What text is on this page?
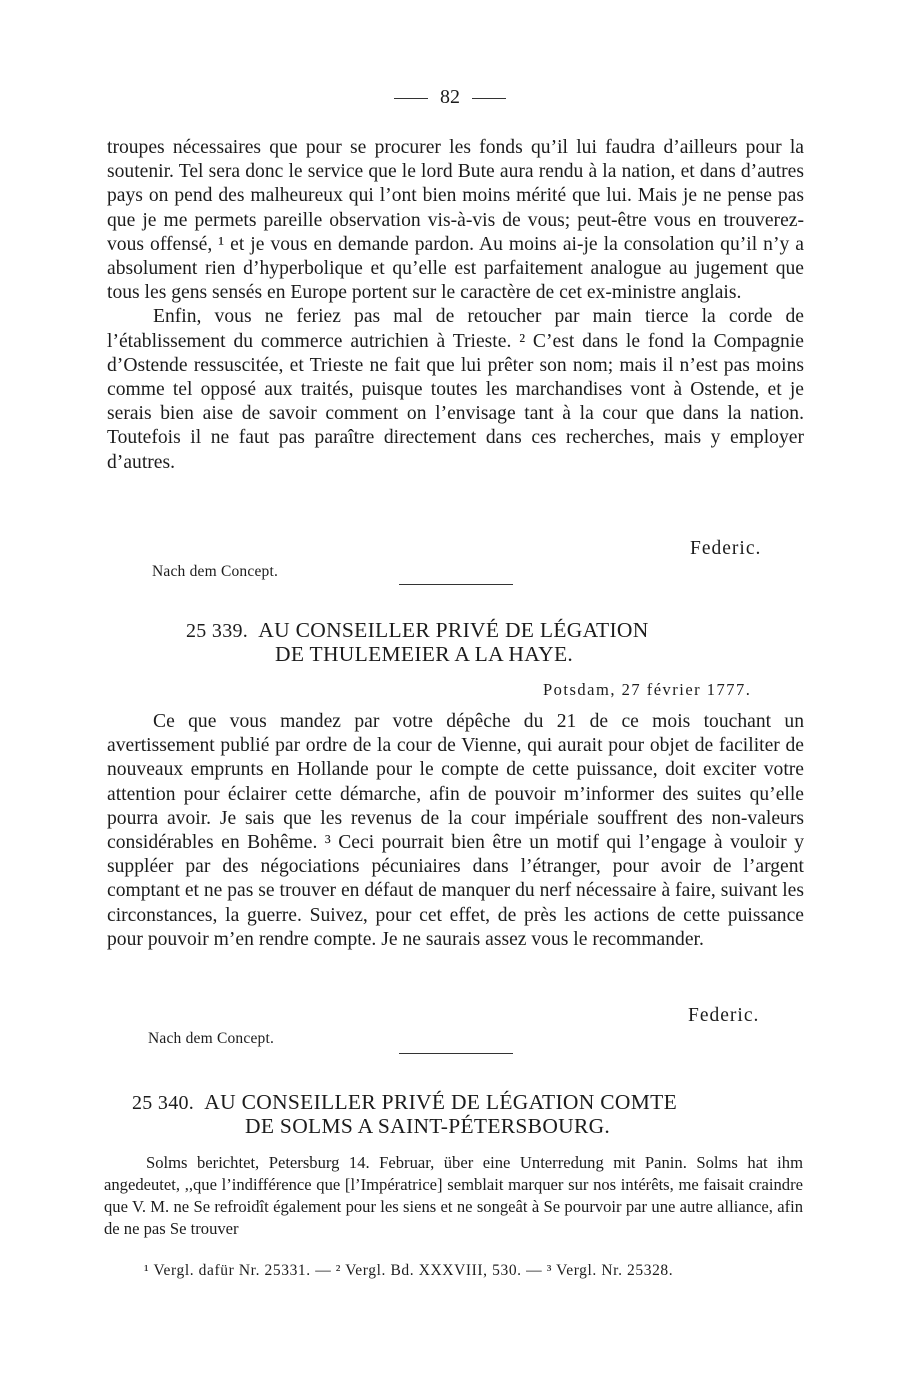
82

troupes nécessaires que pour se procurer les fonds qu’il lui faudra d’ailleurs pour la soutenir. Tel sera donc le service que le lord Bute aura rendu à la nation, et dans d’autres pays on pend des malheureux qui l’ont bien moins mérité que lui. Mais je ne pense pas que je me permets pareille observation vis-à-vis de vous; peut-être vous en trouverez-vous offensé, ¹ et je vous en demande pardon. Au moins ai-je la consolation qu’il n’y a absolument rien d’hyperbolique et qu’elle est parfaitement analogue au jugement que tous les gens sensés en Europe portent sur le caractère de cet ex-ministre anglais.

Enfin, vous ne feriez pas mal de retoucher par main tierce la corde de l’établissement du commerce autrichien à Trieste. ² C’est dans le fond la Compagnie d’Ostende ressuscitée, et Trieste ne fait que lui prêter son nom; mais il n’est pas moins comme tel opposé aux traités, puisque toutes les marchandises vont à Ostende, et je serais bien aise de savoir comment on l’envisage tant à la cour que dans la nation. Toutefois il ne faut pas paraître directement dans ces recherches, mais y employer d’autres.

Federic.
Nach dem Concept.
25 339. AU CONSEILLER PRIVÉ DE LÉGATION
DE THULEMEIER A LA HAYE.
Potsdam, 27 février 1777.

Ce que vous mandez par votre dépêche du 21 de ce mois touchant un avertissement publié par ordre de la cour de Vienne, qui aurait pour objet de faciliter de nouveaux emprunts en Hollande pour le compte de cette puissance, doit exciter votre attention pour éclairer cette démarche, afin de pouvoir m’informer des suites qu’elle pourra avoir. Je sais que les revenus de la cour impériale souffrent des non-valeurs considérables en Bohême. ³ Ceci pourrait bien être un motif qui l’engage à vouloir y suppléer par des négociations pécuniaires dans l’étranger, pour avoir de l’argent comptant et ne pas se trouver en défaut de manquer du nerf nécessaire à faire, suivant les circonstances, la guerre. Suivez, pour cet effet, de près les actions de cette puissance pour pouvoir m’en rendre compte. Je ne saurais assez vous le recommander.

Federic.
Nach dem Concept.
25 340. AU CONSEILLER PRIVÉ DE LÉGATION COMTE
DE SOLMS A SAINT-PÉTERSBOURG.

Solms berichtet, Petersburg 14. Februar, über eine Unterredung mit Panin. Solms hat ihm angedeutet, ,,que l’indifférence que [l’Impératrice] semblait marquer sur nos intérêts, me faisait craindre que V. M. ne Se refroidît également pour les siens et ne songeât à Se pourvoir par une autre alliance, afin de ne pas Se trouver

¹ Vergl. dafür Nr. 25331. — ² Vergl. Bd. XXXVIII, 530. — ³ Vergl. Nr. 25328.
